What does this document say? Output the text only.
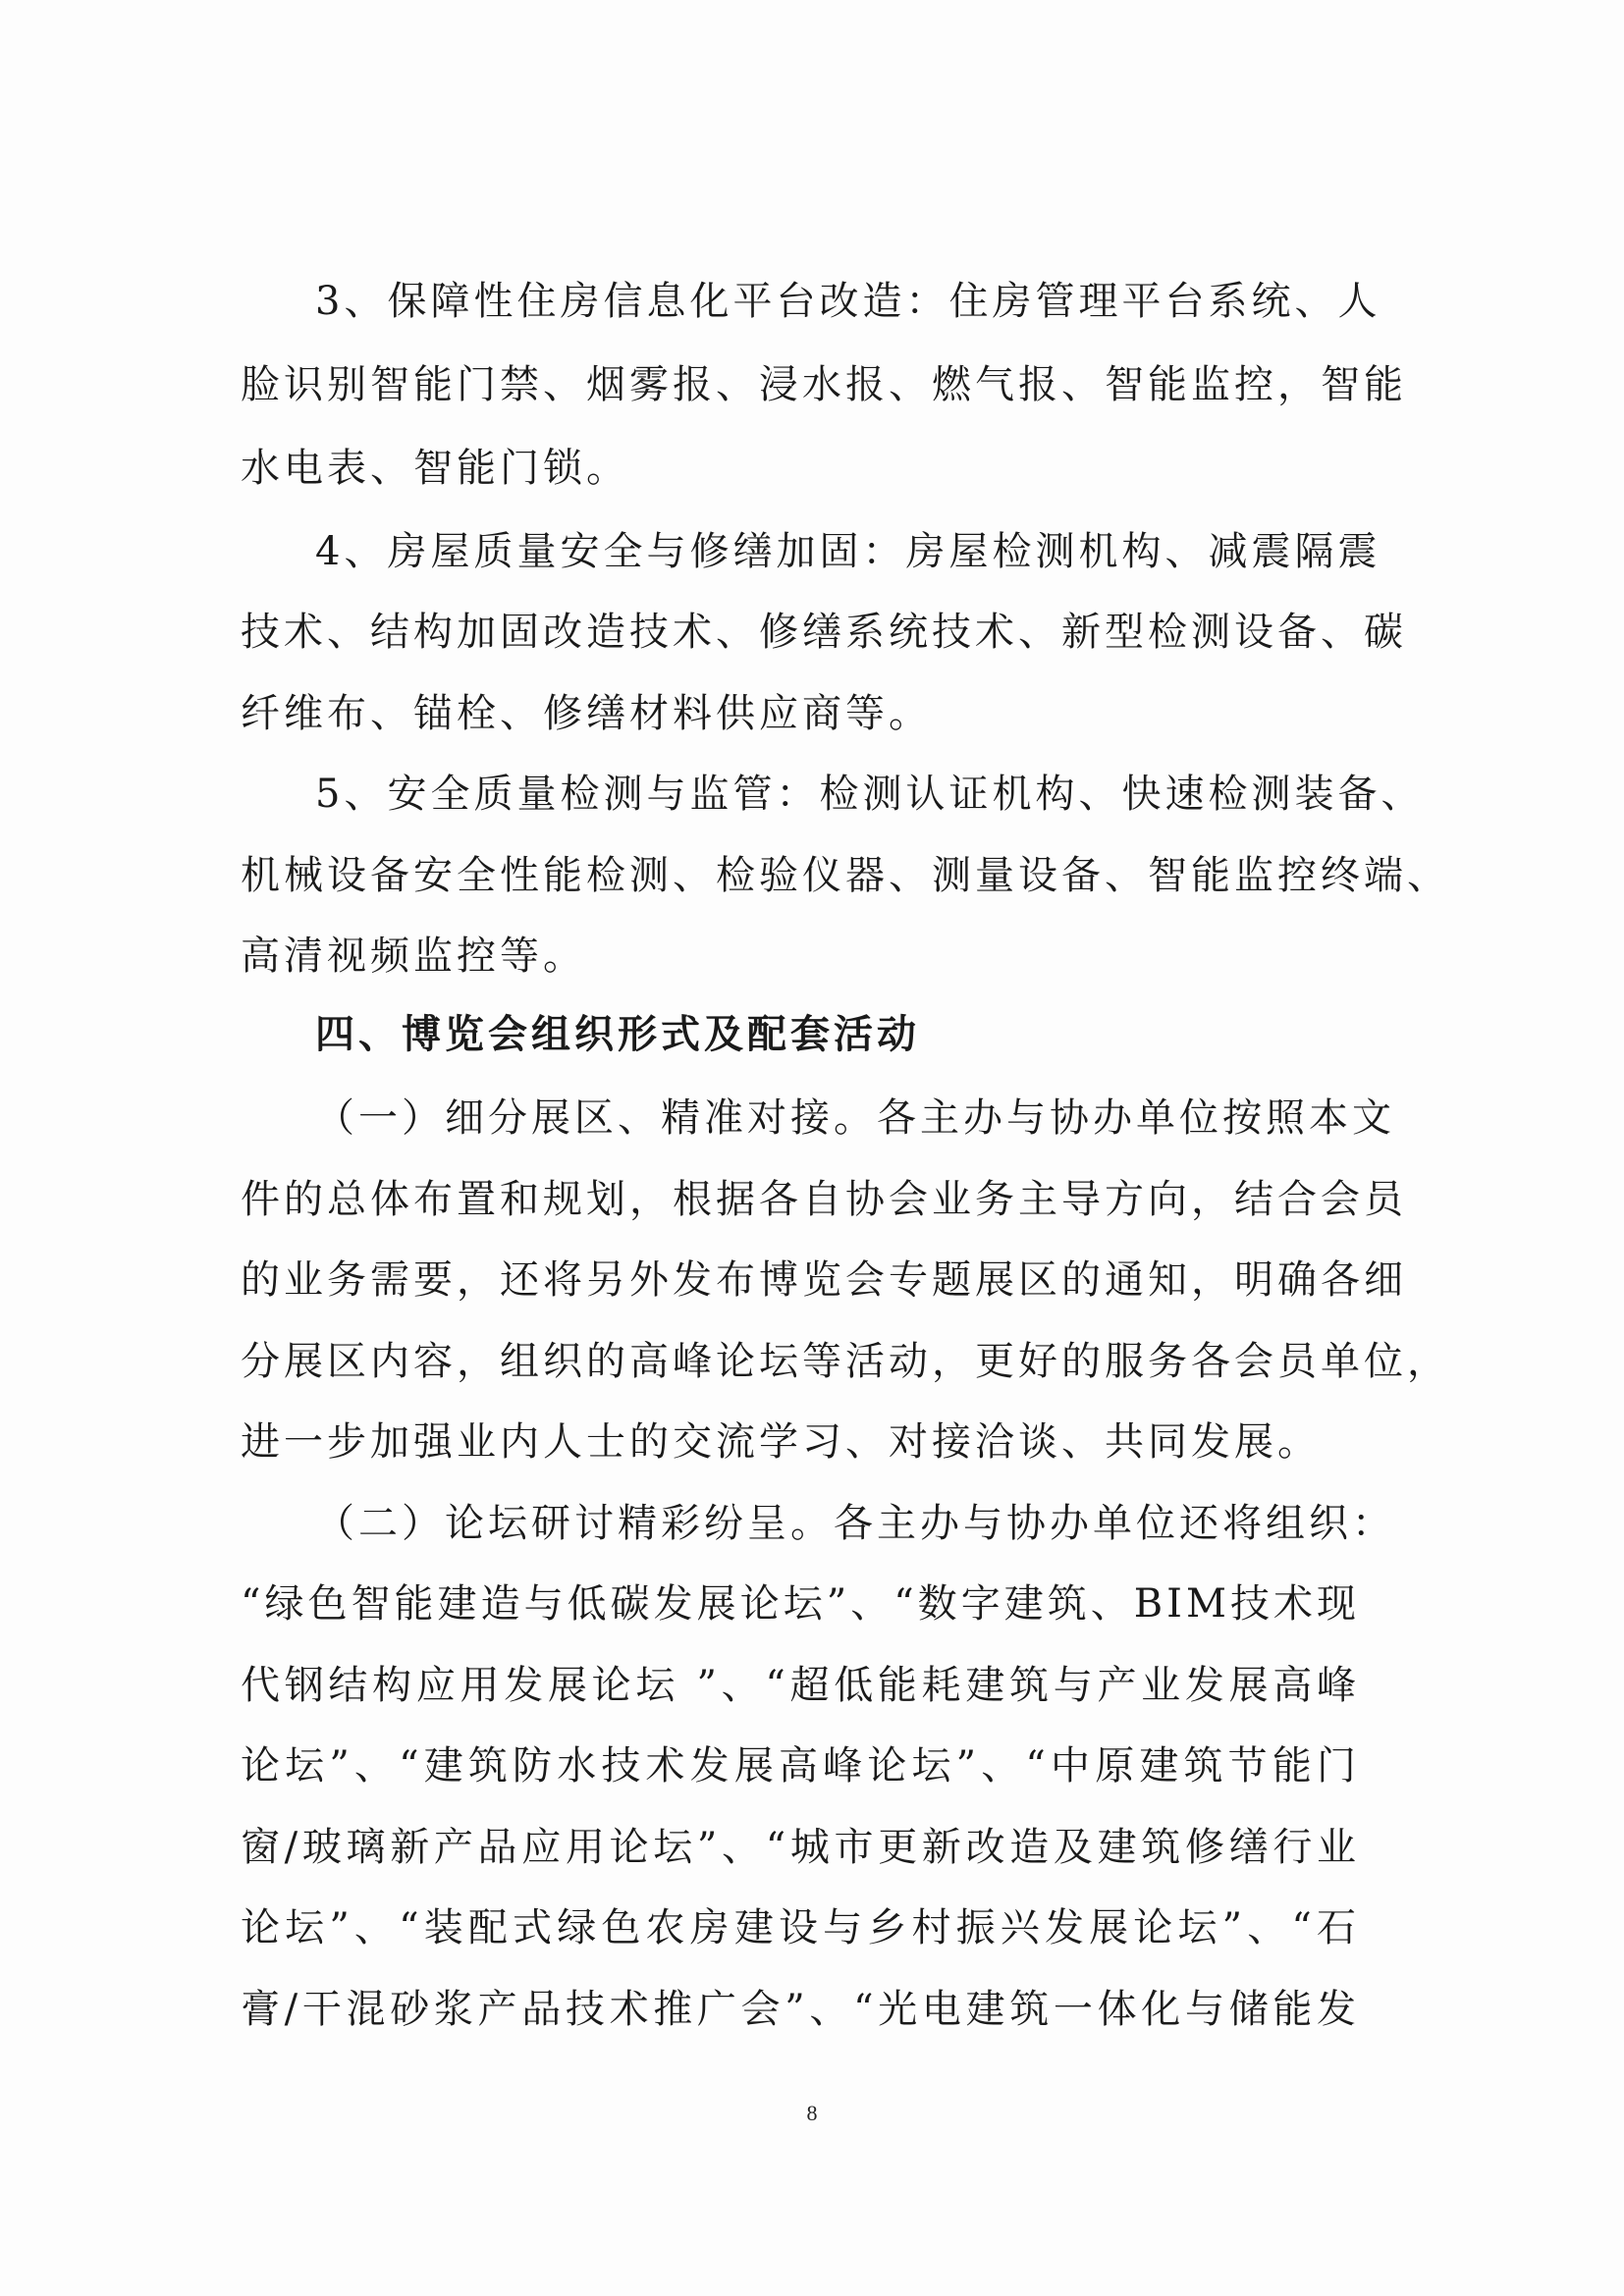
3、保障性住房信息化平台改造：住房管理平台系统、人
脸识别智能门禁、烟雾报、浸水报、燃气报、智能监控，智能
水电表、智能门锁。
4、房屋质量安全与修缮加固：房屋检测机构、减震隔震
技术、结构加固改造技术、修缮系统技术、新型检测设备、碳
纤维布、锚栓、修缮材料供应商等。
5、安全质量检测与监管：检测认证机构、快速检测装备、
机械设备安全性能检测、检验仪器、测量设备、智能监控终端、
高清视频监控等。
四、博览会组织形式及配套活动
（一）细分展区、精准对接。各主办与协办单位按照本文
件的总体布置和规划，根据各自协会业务主导方向，结合会员
的业务需要，还将另外发布博览会专题展区的通知，明确各细
分展区内容，组织的高峰论坛等活动，更好的服务各会员单位，
进一步加强业内人士的交流学习、对接洽谈、共同发展。
（二）论坛研讨精彩纷呈。各主办与协办单位还将组织：
“绿色智能建造与低碳发展论坛”、“数字建筑、BIM技术现
代钢结构应用发展论坛 ”、“超低能耗建筑与产业发展高峰
论坛”、“建筑防水技术发展高峰论坛”、“中原建筑节能门
窗/玻璃新产品应用论坛”、“城市更新改造及建筑修缮行业
论坛”、“装配式绿色农房建设与乡村振兴发展论坛”、“石
膏/干混砂浆产品技术推广会”、“光电建筑一体化与储能发
8
